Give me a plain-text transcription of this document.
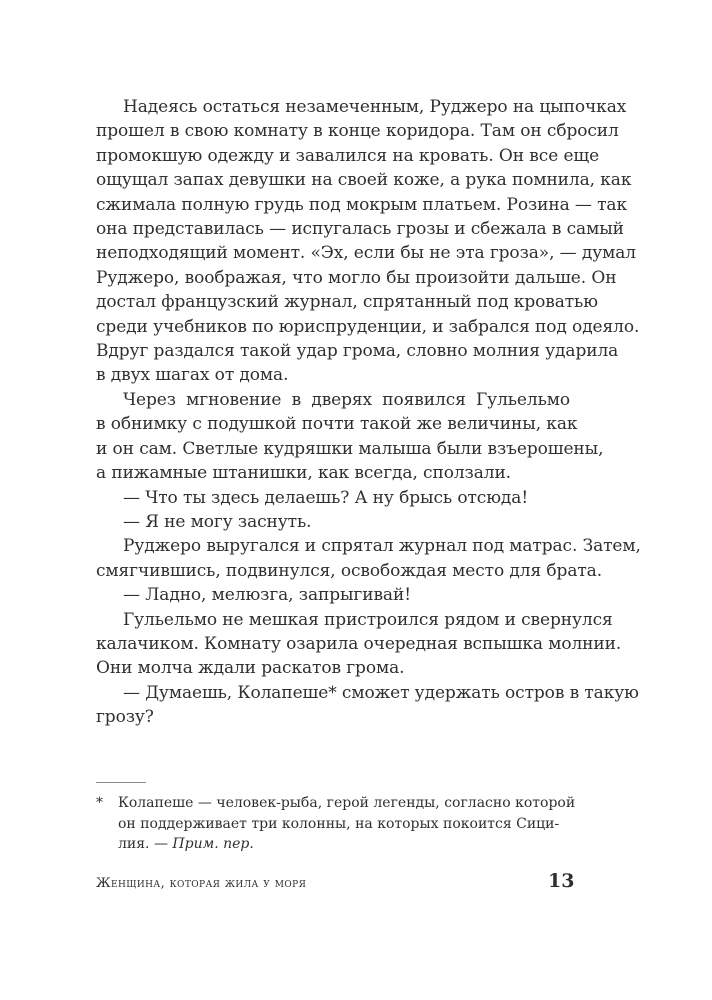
Надеясь остаться незамеченным, Руджеро на цыпочках
прошел в свою комнату в конце коридора. Там он сбросил
промокшую одежду и завалился на кровать. Он все еще
ощущал запах девушки на своей коже, а рука помнила, как
сжимала полную грудь под мокрым платьем. Розина — так
она представилась — испугалась грозы и сбежала в самый
неподходящий момент. «Эх, если бы не эта гроза», — думал
Руджеро, воображая, что могло бы произойти дальше. Он
достал французский журнал, спрятанный под кроватью
среди учебников по юриспруденции, и забрался под одеяло.
Вдруг раздался такой удар грома, словно молния ударила
в двух шагах от дома.
Через мгновение в дверях появился Гульельмо
в обнимку с подушкой почти такой же величины, как
и он сам. Светлые кудряшки малыша были взъерошены,
а пижамные штанишки, как всегда, сползали.
— Что ты здесь делаешь? А ну брысь отсюда!
— Я не могу заснуть.
Руджеро выругался и спрятал журнал под матрас. Затем,
смягчившись, подвинулся, освобождая место для брата.
— Ладно, мелюзга, запрыгивай!
Гульельмо не мешкая пристроился рядом и свернулся
калачиком. Комнату озарила очередная вспышка молнии.
Они молча ждали раскатов грома.
— Думаешь, Колапеше* сможет удержать остров в такую
грозу?
* Колапеше — человек-рыба, герой легенды, согласно которой
он поддерживает три колонны, на которых покоится Сици-
лия. — Прим. пер.
Женщина, которая жила у моря	13
